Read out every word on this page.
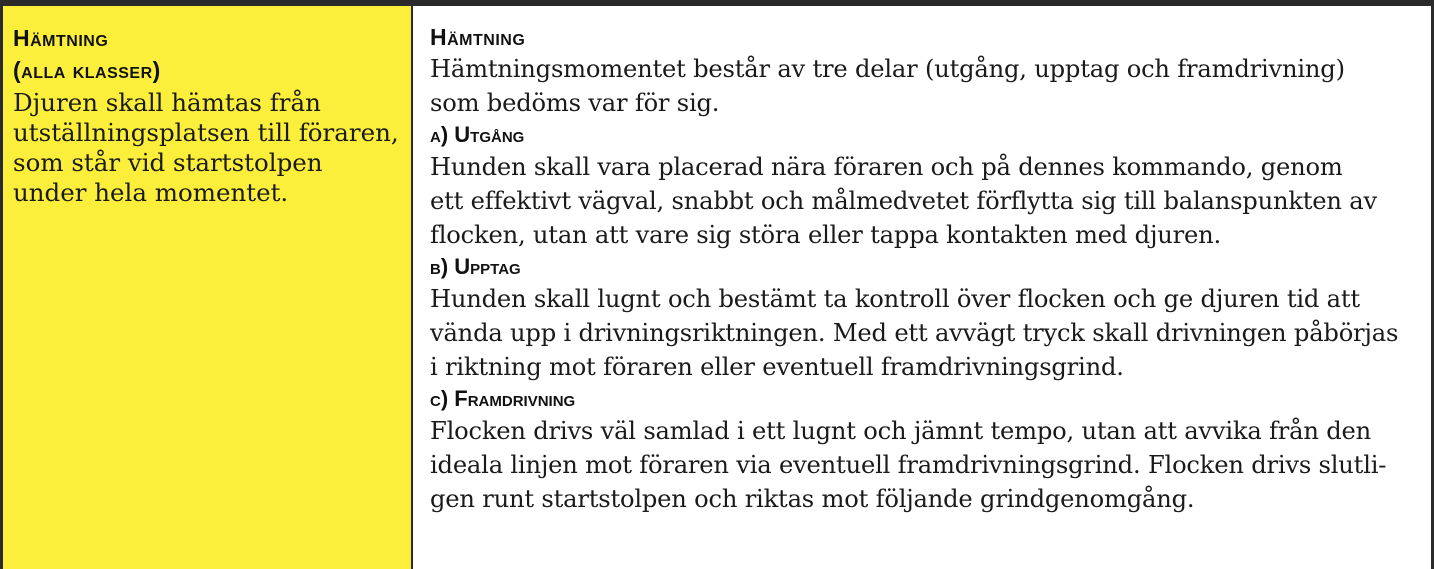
Hämtning

(alla klasser)

Djuren skall hämtas från

utställningsplatsen till föraren,

som står vid startstolpen

under hela momentet.

Hämtning

Hämtningsmomentet består av tre delar (utgång, upptag och framdrivning)
som bedöms var för sig.

a) Utgång

Hunden skall vara placerad nära föraren och på dennes kommando, genom
ett effektivt vägval, snabbt och målmedvetet förflytta sig till balanspunkten av
flocken, utan att vare sig störa eller tappa kontakten med djuren.

b) Upptag

Hunden skall lugnt och bestämt ta kontroll över flocken och ge djuren tid att
vända upp i drivningsriktningen. Med ett avvägt tryck skall drivningen påbörjas
i riktning mot föraren eller eventuell framdrivningsgrind.

c) Framdrivning

Flocken drivs väl samlad i ett lugnt och jämnt tempo, utan att avvika från den
ideala linjen mot föraren via eventuell framdrivningsgrind. Flocken drivs slutli-
gen runt startstolpen och riktas mot följande grindgenomgång.
